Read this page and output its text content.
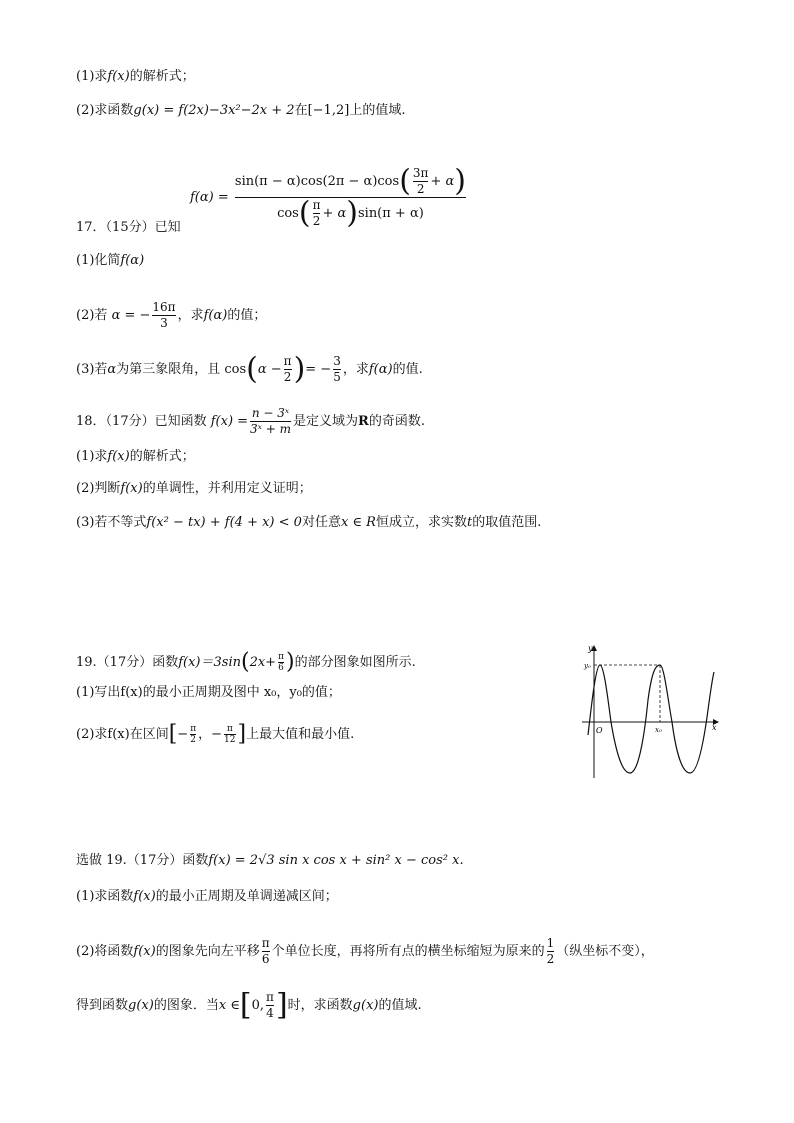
(1)求f(x)的解析式；
(2)求函数g(x) = f(2x)−3x²−2x + 2在[−1,2]上的值域.
$f(\alpha) = \frac{\sin(\pi - \alpha)\cos(2\pi - \alpha)\cos( \frac{3\pi}{2} + \alpha)}{\cos( \frac{\pi}{2} + \alpha)\sin(\pi + \alpha)}$
17．（15分）已知
(1)化简f(α)
(2)若 α = − $\frac{16\pi}{3}$ ，求f(α)的值；
(3)若α为第三象限角，且 $\cos(\alpha - \frac{\pi}{2}$ )= − $\frac{3}{5}$ ，求f(α)的值.
18．（17分）已知函数 $f(x) = \frac{\text{n − 3ˣ}}{\text{3ˣ + m}}$ 是定义域为R的奇函数.
(1)求f(x)的解析式；
(2)判断f(x)的单调性，并利用定义证明；
(3)若不等式f(x² − tx) + f(4 + x) < 0对任意x ∈ R恒成立，求实数t的取值范围.
19.（17分）函数$f(x)=3\sin(2x+ \frac{\pi}{6}$ )的部分图象如图所示.
(1)写出f(x)的最小正周期及图中 x₀，y₀的值；
(2)求f(x)在区间[− $\frac{\pi}{2}$ ，− $\frac{\pi}{12}$ ]上最大值和最小值.
y
x
O
y₀
x₀
选做 19.（17分）函数f(x) = 2√3 sin x cos x + sin² x − cos² x.
(1)求函数f(x)的最小正周期及单调递减区间；
(2)将函数f(x)的图象先向左平移 $\frac{\pi}{6}$ 个单位长度，再将所有点的横坐标缩短为原来的 $\frac{1}{2}$ （纵坐标不变），
得到函数g(x)的图象．当x ∈[0, $\frac{\pi}{4}$ ]时，求函数g(x)的值域.
